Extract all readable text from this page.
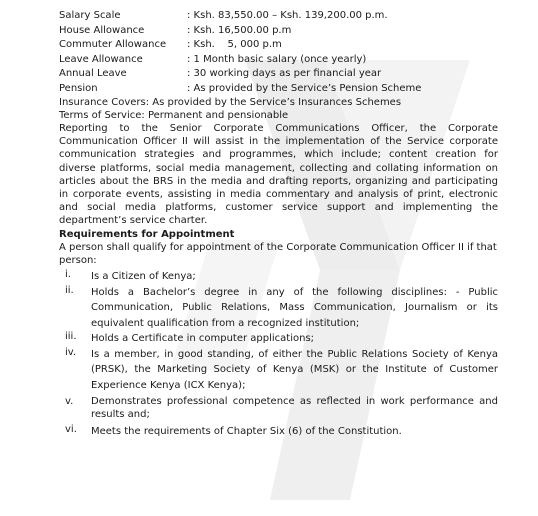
Salary Scale	: Ksh. 83,550.00 – Ksh. 139,200.00 p.m.
House Allowance	: Ksh. 16,500.00 p.m
Commuter Allowance	: Ksh.    5, 000 p.m
Leave Allowance	: 1 Month basic salary (once yearly)
Annual Leave	: 30 working days as per financial year
Pension	: As provided by the Service’s Pension Scheme

Insurance Covers: As provided by the Service’s Insurances Schemes

Terms of Service: Permanent and pensionable

Reporting to the Senior Corporate Communications Officer, the Corporate Communication Officer II will assist in the implementation of the Service corporate communication strategies and programmes, which include; content creation for diverse platforms, social media management, collecting and collating information on articles about the BRS in the media and drafting reports, organizing and participating in corporate events, assisting in media commentary and analysis of print, electronic and social media platforms, customer service support and implementing the department’s service charter.

Requirements for Appointment

A person shall qualify for appointment of the Corporate Communication Officer II if that person:

i.	Is a Citizen of Kenya;
ii.	Holds a Bachelor’s degree in any of the following disciplines: - Public Communication, Public Relations, Mass Communication, Journalism or its equivalent qualification from a recognized institution;
iii.	Holds a Certificate in computer applications;
iv.	Is a member, in good standing, of either the Public Relations Society of Kenya (PRSK), the Marketing Society of Kenya (MSK) or the Institute of Customer Experience Kenya (ICX Kenya);
v.	Demonstrates professional competence as reflected in work performance and results and;
vi.	Meets the requirements of Chapter Six (6) of the Constitution.
